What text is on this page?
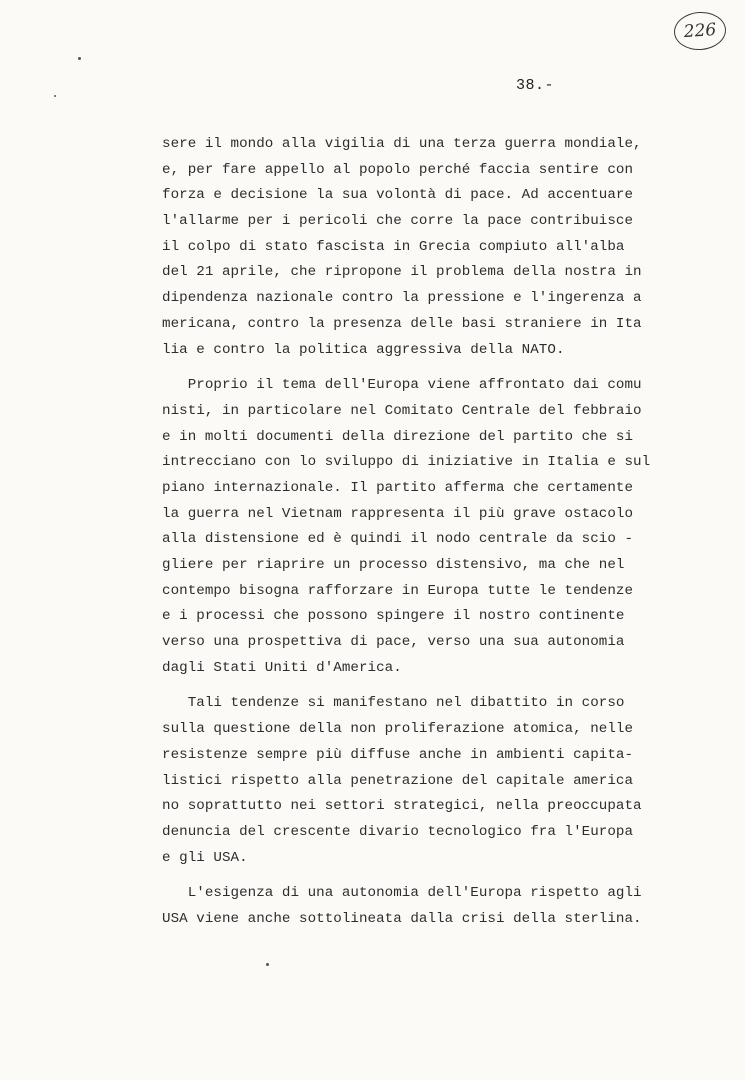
226
38.-
sere il mondo alla vigilia di una terza guerra mondiale,
e, per fare appello al popolo perché faccia sentire con
forza e decisione la sua volontà di pace. Ad accentuare
l'allarme per i pericoli che corre la pace contribuisce
il colpo di stato fascista in Grecia compiuto all'alba
del 21 aprile, che ripropone il problema della nostra in
dipendenza nazionale contro la pressione e l'ingerenza a
mericana, contro la presenza delle basi straniere in Ita
lia e contro la politica aggressiva della NATO.
Proprio il tema dell'Europa viene affrontato dai comu
nisti, in particolare nel Comitato Centrale del febbraio
e in molti documenti della direzione del partito che si
intrecciano con lo sviluppo di iniziative in Italia e sul
piano internazionale. Il partito afferma che certamente
la guerra nel Vietnam rappresenta il più grave ostacolo
alla distensione ed è quindi il nodo centrale da scio -
gliere per riaprire un processo distensivo, ma che nel
contempo bisogna rafforzare in Europa tutte le tendenze
e i processi che possono spingere il nostro continente
verso una prospettiva di pace, verso una sua autonomia
dagli Stati Uniti d'America.
Tali tendenze si manifestano nel dibattito in corso
sulla questione della non proliferazione atomica, nelle
resistenze sempre più diffuse anche in ambienti capita-
listici rispetto alla penetrazione del capitale america
no soprattutto nei settori strategici, nella preoccupata
denuncia del crescente divario tecnologico fra l'Europa
e gli USA.
L'esigenza di una autonomia dell'Europa rispetto agli
USA viene anche sottolineata dalla crisi della sterlina.
